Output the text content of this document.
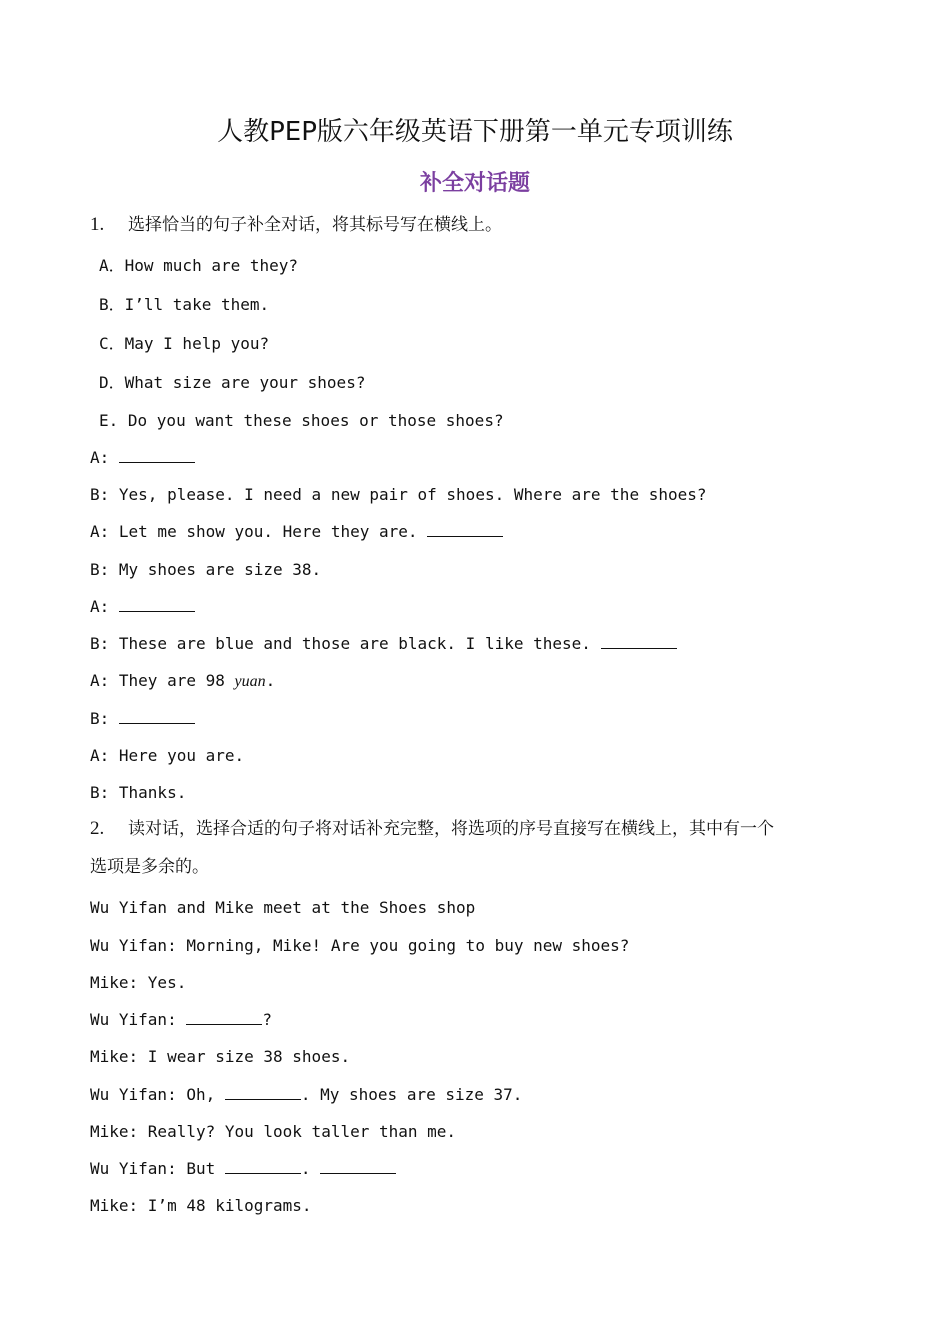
人教PEP版六年级英语下册第一单元专项训练
补全对话题
1. 选择恰当的句子补全对话，将其标号写在横线上。
A．How much are they?
B．I’ll take them.
C．May I help you?
D．What size are your shoes?
E. Do you want these shoes or those shoes?
A:
B: Yes, please. I need a new pair of shoes. Where are the shoes?
A: Let me show you. Here they are.
B: My shoes are size 38.
A:
B: These are blue and those are black. I like these.
A: They are 98 yuan.
B:
A: Here you are.
B: Thanks.
2. 读对话，选择合适的句子将对话补充完整，将选项的序号直接写在横线上，其中有一个
选项是多余的。
Wu Yifan and Mike meet at the Shoes shop
Wu Yifan: Morning, Mike! Are you going to buy new shoes?
Mike: Yes.
Wu Yifan:	?
Mike: I wear size 38 shoes.
Wu Yifan: Oh,	. My shoes are size 37.
Mike: Really? You look taller than me.
Wu Yifan: But	.
Mike: I’m 48 kilograms.
